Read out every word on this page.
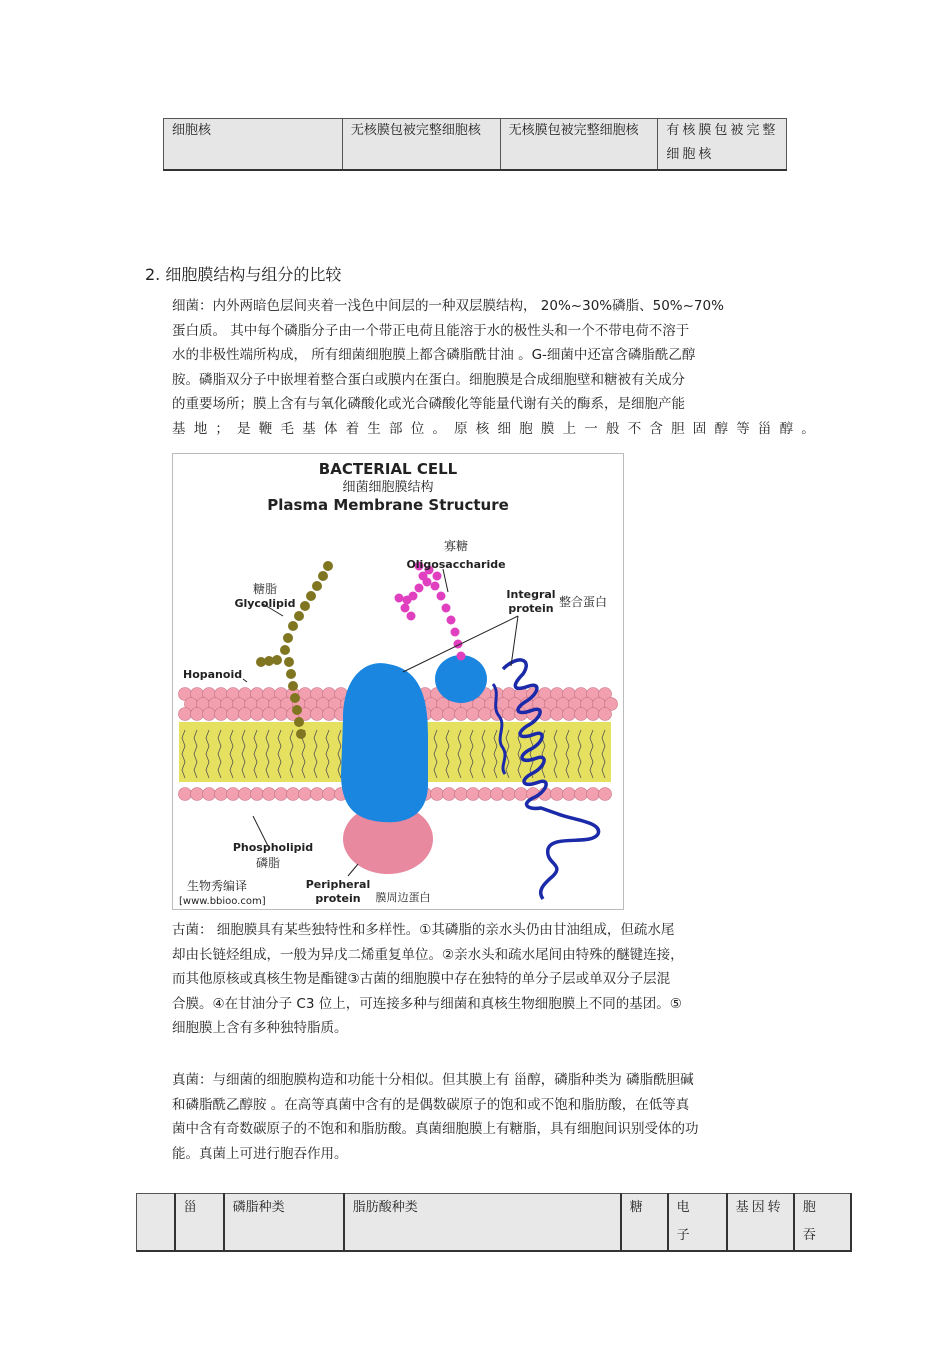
细胞核	无核膜包被完整细胞核	无核膜包被完整细胞核	有核膜包被完整细胞核
2. 细胞膜结构与组分的比较

细菌：内外两暗色层间夹着一浅色中间层的一种双层膜结构， 20%~30%磷脂、50%~70%

蛋白质。 其中每个磷脂分子由一个带正电荷且能溶于水的极性头和一个不带电荷不溶于

水的非极性端所构成， 所有细菌细胞膜上都含磷脂酰甘油 。G-细菌中还富含磷脂酰乙醇

胺。磷脂双分子中嵌埋着整合蛋白或膜内在蛋白。细胞膜是合成细胞壁和糖被有关成分

的重要场所；膜上含有与氧化磷酸化或光合磷酸化等能量代谢有关的酶系，是细胞产能

基地；是鞭毛基体着生部位。原核细胞膜上一般不含胆固醇等甾醇。

BACTERIAL CELL
细菌细胞膜结构
Plasma Membrane Structure
寡糖
Oligosaccharide
糖脂
Glycolipid
Integral
protein 整合蛋白
Hopanoid
Phospholipid
磷脂
Peripheral
protein 膜周边蛋白
生物秀编译
[www.bbioo.com]

古菌： 细胞膜具有某些独特性和多样性。①其磷脂的亲水头仍由甘油组成，但疏水尾

却由长链烃组成，一般为异戊二烯重复单位。②亲水头和疏水尾间由特殊的醚键连接，

而其他原核或真核生物是酯键③古菌的细胞膜中存在独特的单分子层或单双分子层混

合膜。④在甘油分子 C3 位上，可连接多种与细菌和真核生物细胞膜上不同的基团。⑤

细胞膜上含有多种独特脂质。

真菌：与细菌的细胞膜构造和功能十分相似。但其膜上有 甾醇，磷脂种类为 磷脂酰胆碱

和磷脂酰乙醇胺 。在高等真菌中含有的是偶数碳原子的饱和或不饱和脂肪酸，在低等真

菌中含有奇数碳原子的不饱和和脂肪酸。真菌细胞膜上有糖脂，具有细胞间识别受体的功

能。真菌上可进行胞吞作用。

	甾	磷脂种类	脂肪酸种类	糖	电 子	基因转	胞 吞
